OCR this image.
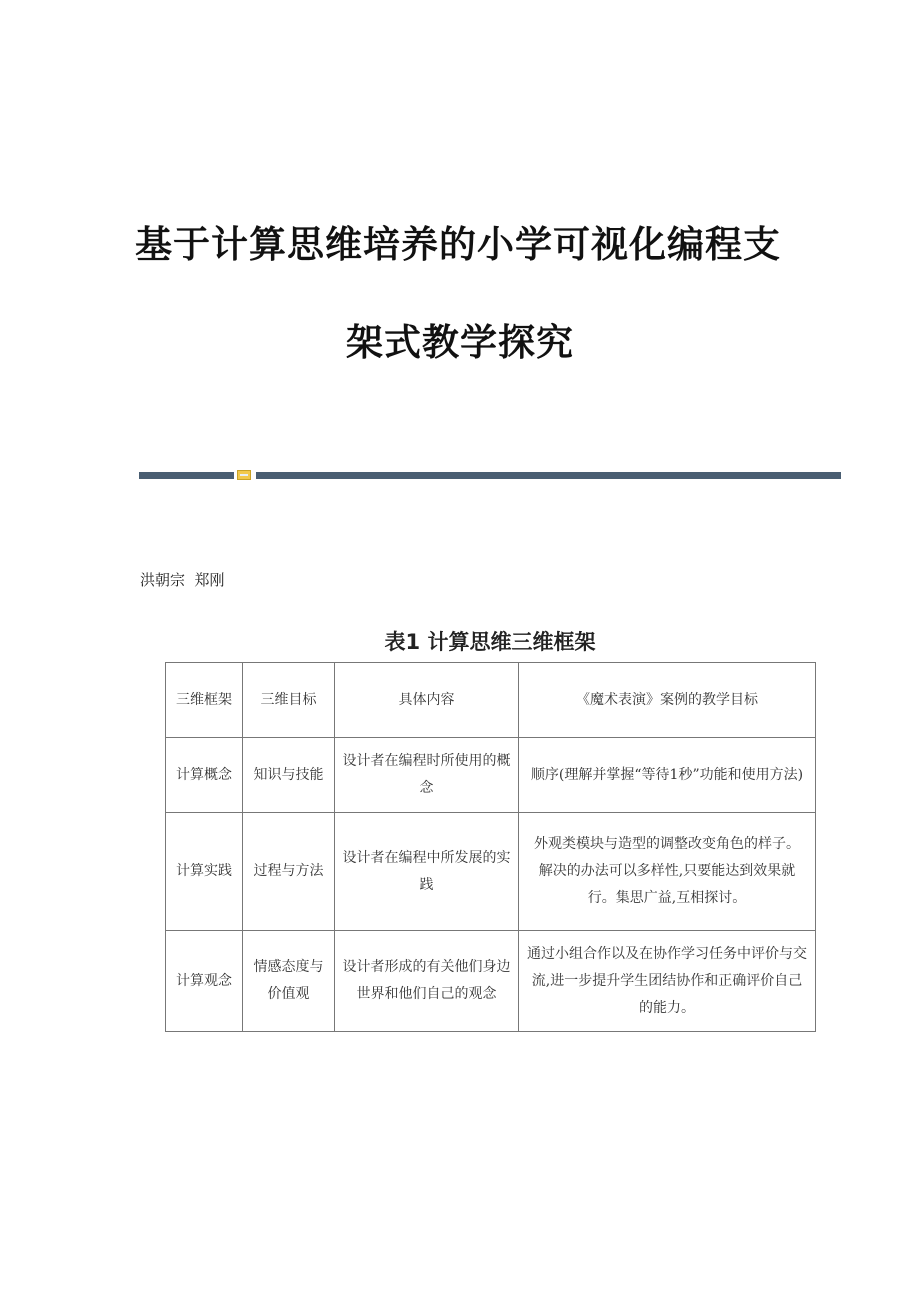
基于计算思维培养的小学可视化编程支
架式教学探究
洪朝宗  郑刚
表1 计算思维三维框架
三维框架	三维目标	具体内容	《魔术表演》案例的教学目标
计算概念	知识与技能	设计者在编程时所使用的概念	顺序(理解并掌握“等待1秒”功能和使用方法)
计算实践	过程与方法	设计者在编程中所发展的实践	外观类模块与造型的调整改变角色的样子。
解决的办法可以多样性,只要能达到效果就行。集思广益,互相探讨。

计算观念	情感态度与价值观	设计者形成的有关他们身边世界和他们自己的观念	通过小组合作以及在协作学习任务中评价与交流,进一步提升学生团结协作和正确评价自己的能力。
